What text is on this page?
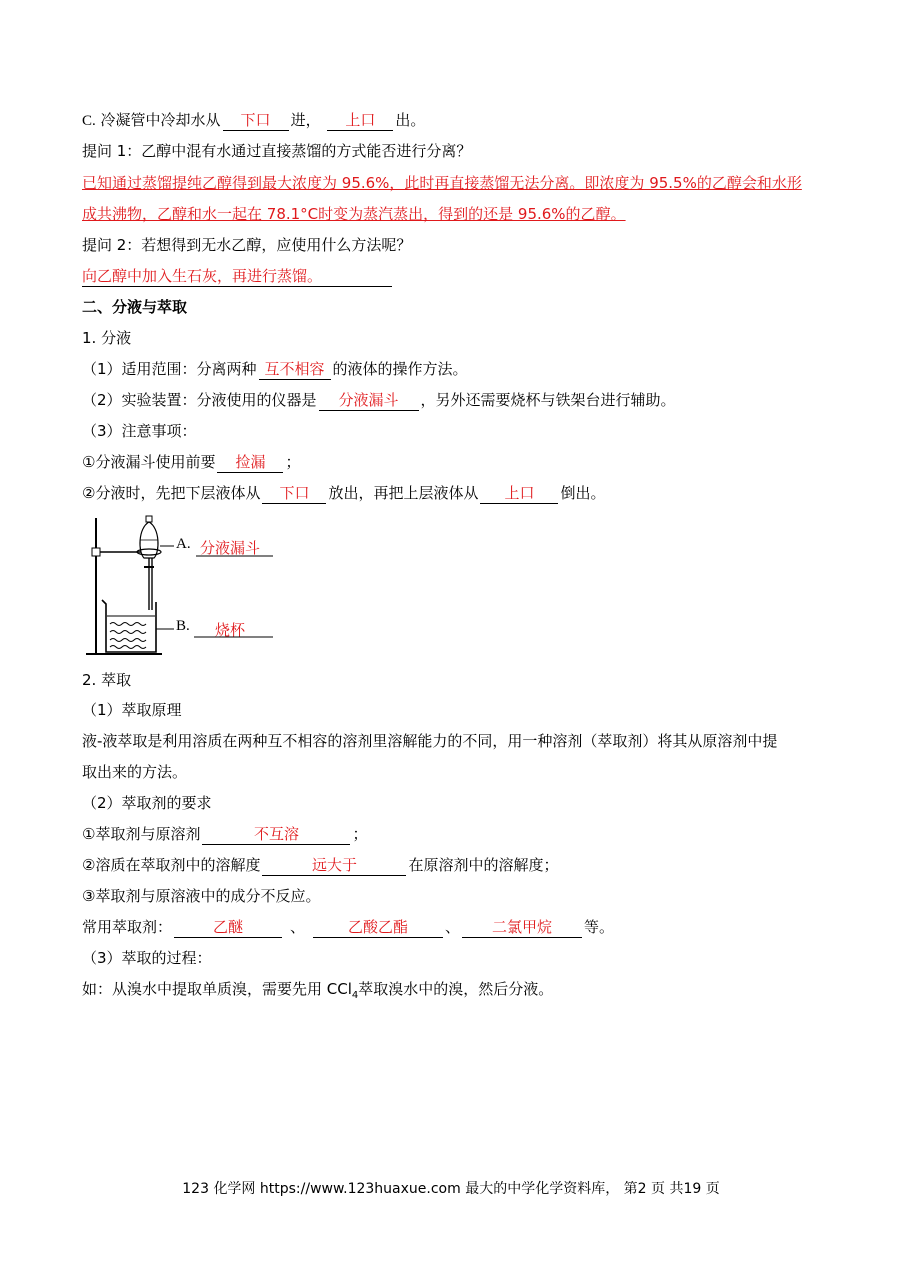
C. 冷凝管中冷却水从 下口 进， 上口 出。
提问 1：乙醇中混有水通过直接蒸馏的方式能否进行分离？
已知通过蒸馏提纯乙醇得到最大浓度为 95.6%，此时再直接蒸馏无法分离。即浓度为 95.5%的乙醇会和水形
成共沸物，乙醇和水一起在 78.1°C时变为蒸汽蒸出，得到的还是 95.6%的乙醇。
提问 2：若想得到无水乙醇，应使用什么方法呢？
向乙醇中加入生石灰，再进行蒸馏。
二、分液与萃取
1. 分液
（1）适用范围：分离两种 互不相容 的液体的操作方法。
（2）实验装置：分液使用的仪器是 分液漏斗 ，另外还需要烧杯与铁架台进行辅助。
（3）注意事项：
①分液漏斗使用前要 捡漏 ；
②分液时，先把下层液体从 下口 放出，再把上层液体从 上口 倒出。
A. 分液漏斗
B. 烧杯
2. 萃取
（1）萃取原理
液-液萃取是利用溶质在两种互不相容的溶剂里溶解能力的不同，用一种溶剂（萃取剂）将其从原溶剂中提
取出来的方法。
（2）萃取剂的要求
①萃取剂与原溶剂	不互溶	；
②溶质在萃取剂中的溶解度	远大于	在原溶剂中的溶解度；
③萃取剂与原溶液中的成分不反应。
常用萃取剂：	乙醚	、	乙酸乙酯 、 二氯甲烷 等。
（3）萃取的过程：
如：从溴水中提取单质溴，需要先用 CCl$_4$萃取溴水中的溴，然后分液。
123 化学网 https://www.123huaxue.com 最大的中学化学资料库， 第2 页 共19 页
